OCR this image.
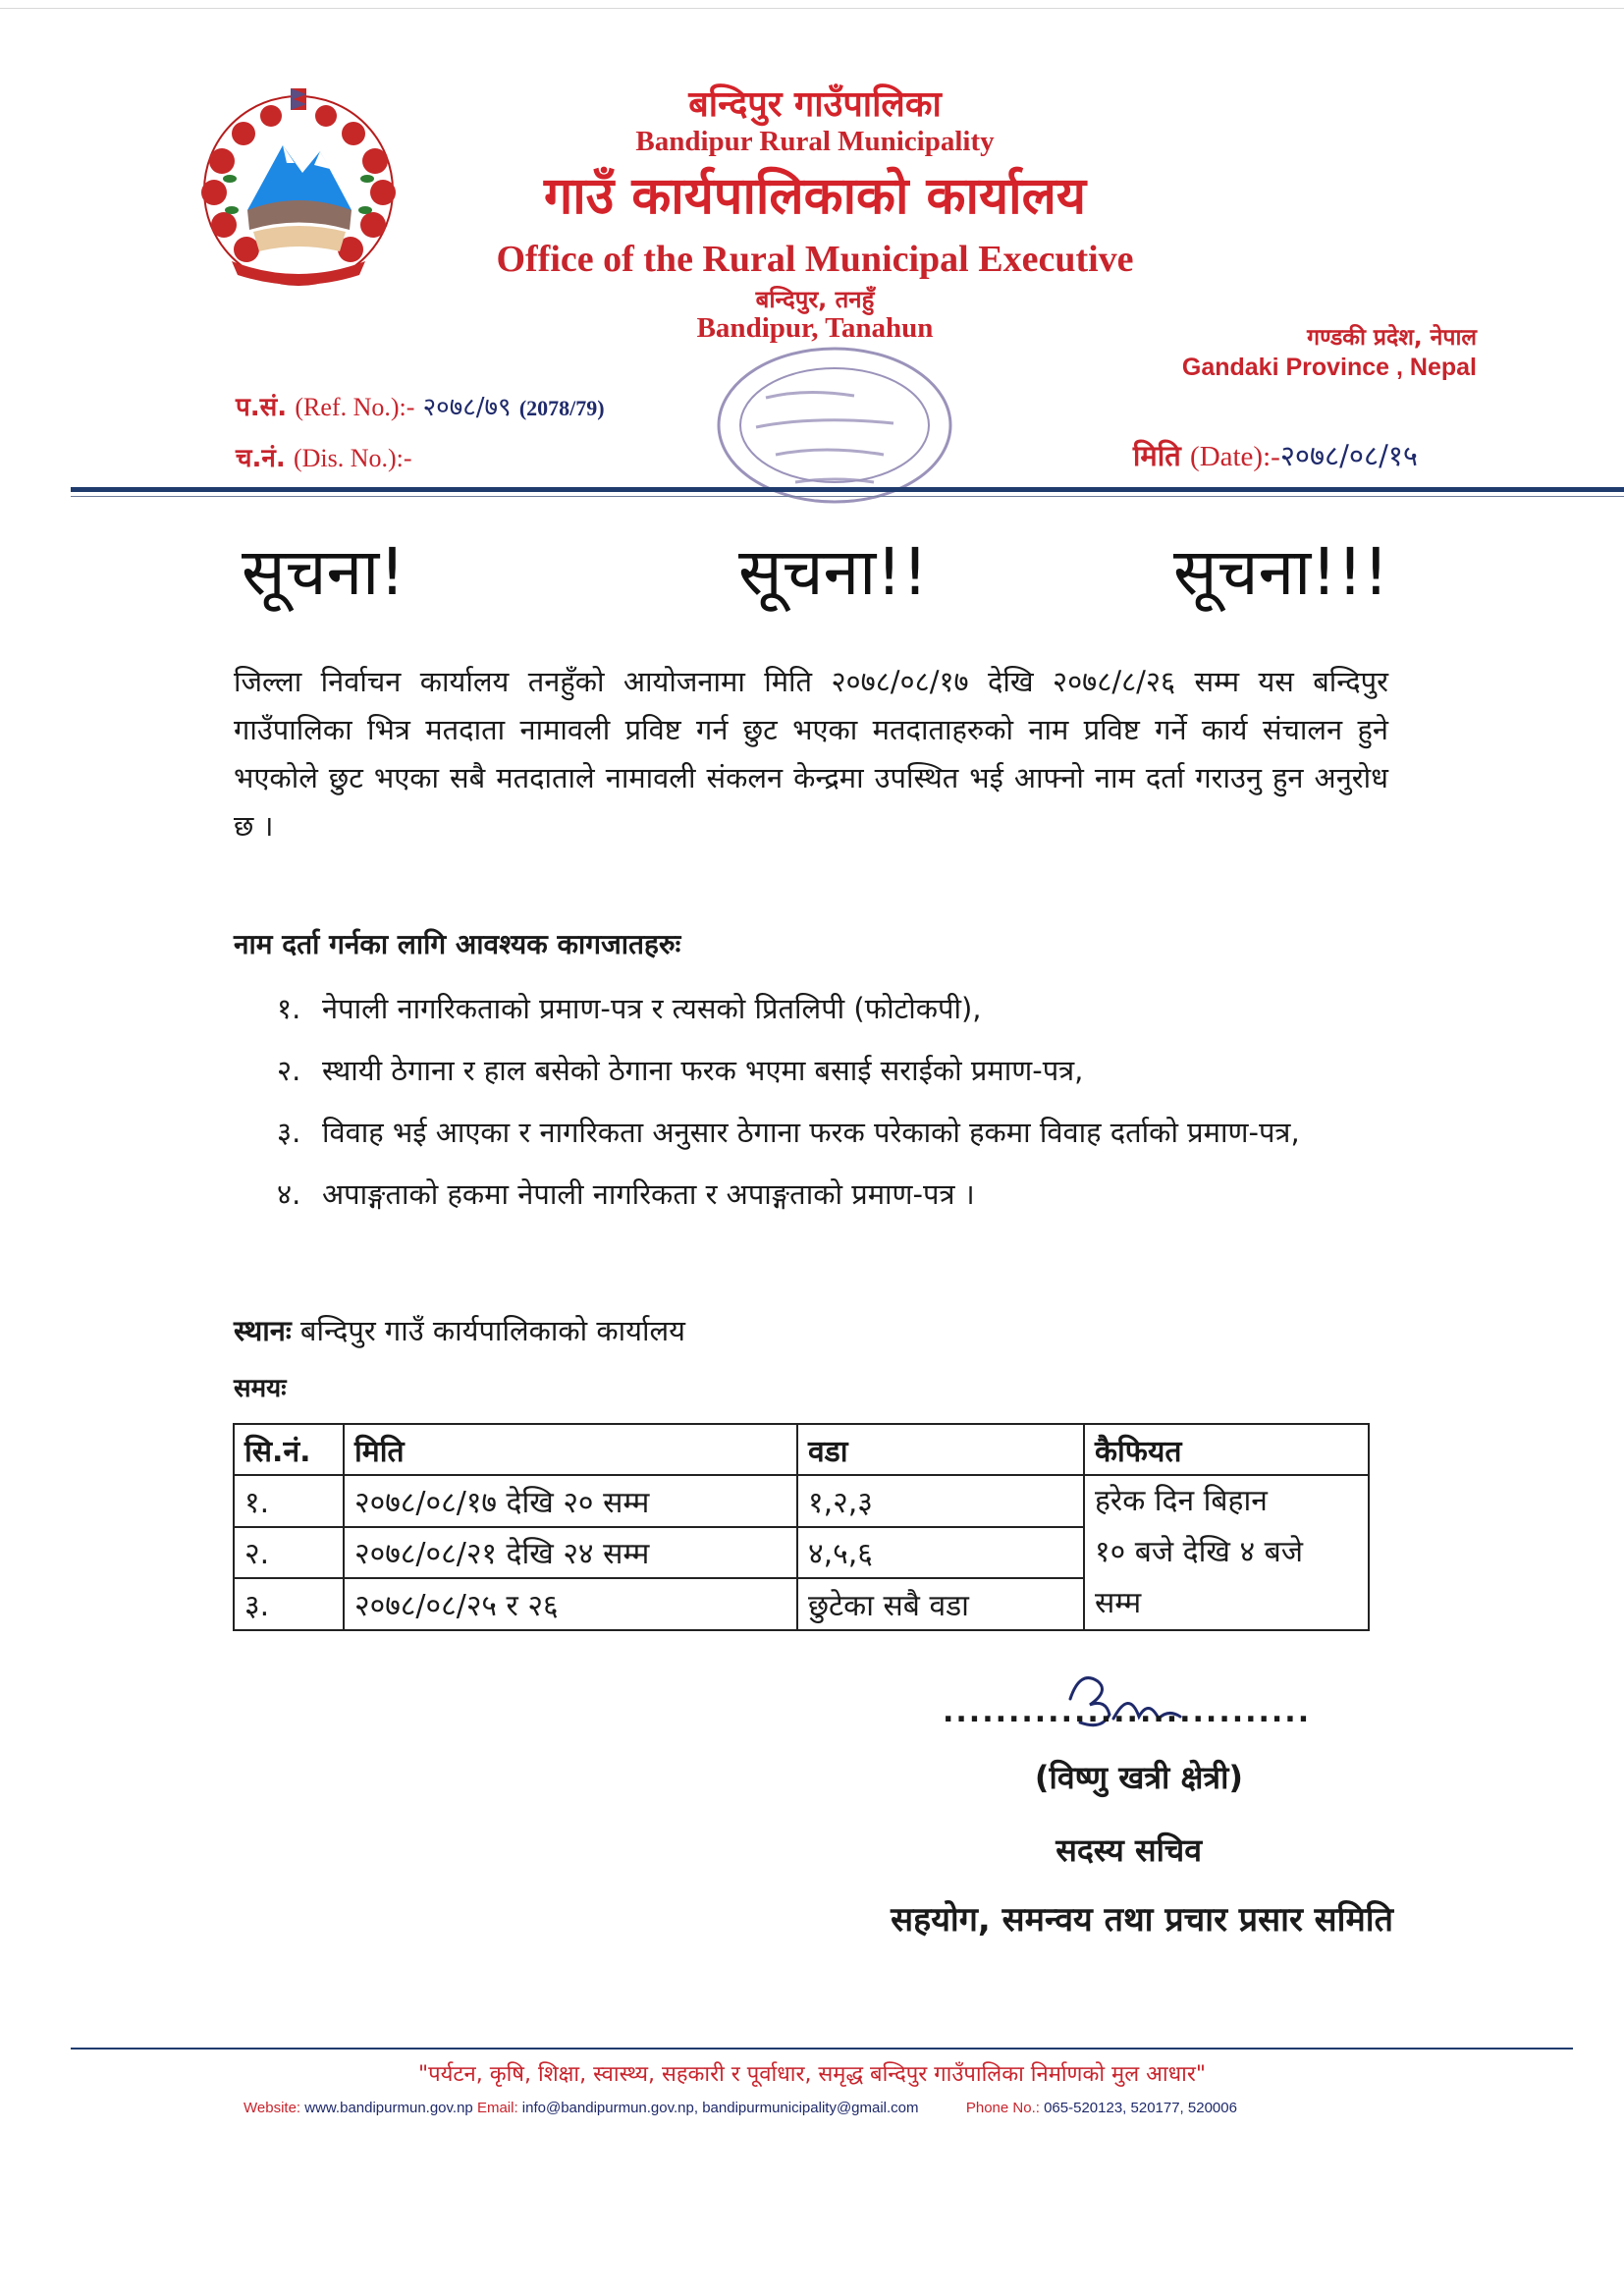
बन्दिपुर गाउँपालिका
Bandipur Rural Municipality
गाउँ कार्यपालिकाको कार्यालय
Office of the Rural Municipal Executive
बन्दिपुर, तनहुँ
Bandipur, Tanahun	गण्डकी प्रदेश, नेपाल
Gandaki Province , Nepal
प.सं. (Ref. No.):- २०७८/७९ (2078/79)
च.नं. (Dis. No.):-	मिति (Date):-२०७८/०८/१५
सूचना!	सूचना!!	सूचना!!!
जिल्ला निर्वाचन कार्यालय तनहुँको आयोजनामा मिति २०७८/०८/१७ देखि २०७८/८/२६ सम्म यस बन्दिपुर गाउँपालिका भित्र मतदाता नामावली प्रविष्ट गर्न छुट भएका मतदाताहरुको नाम प्रविष्ट गर्ने कार्य संचालन हुने भएकोले छुट भएका सबै मतदाताले नामावली संकलन केन्द्रमा उपस्थित भई आफ्नो नाम दर्ता गराउनु हुन अनुरोध छ ।
नाम दर्ता गर्नका लागि आवश्यक कागजातहरुः
१. नेपाली नागरिकताको प्रमाण-पत्र र त्यसको प्रितलिपी (फोटोकपी),
२. स्थायी ठेगाना र हाल बसेको ठेगाना फरक भएमा बसाई सराईको प्रमाण-पत्र,
३. विवाह भई आएका र नागरिकता अनुसार ठेगाना फरक परेकाको हकमा विवाह दर्ताको प्रमाण-पत्र,
४. अपाङ्गताको हकमा नेपाली नागरिकता र अपाङ्गताको प्रमाण-पत्र ।
स्थानः बन्दिपुर गाउँ कार्यपालिकाको कार्यालय
समयः
सि.नं.	मिति	वडा	कैफियत
१.	२०७८/०८/१७ देखि २० सम्म	१,२,३	हरेक दिन बिहान
१० बजे देखि ४ बजे
सम्म

२.	२०७८/०८/२१ देखि २४ सम्म	४,५,६	
३.	२०७८/०८/२५ र २६	छुटेका सबै वडा	
............................
(विष्णु खत्री क्षेत्री)
सदस्य सचिव
सहयोग, समन्वय तथा प्रचार प्रसार समिति
"पर्यटन, कृषि, शिक्षा, स्वास्थ्य, सहकारी र पूर्वाधार, समृद्ध बन्दिपुर गाउँपालिका निर्माणको मुल आधार"
Website: www.bandipurmun.gov.np Email: info@bandipurmun.gov.np, bandipurmunicipality@gmail.com	Phone No.: 065-520123, 520177, 520006
